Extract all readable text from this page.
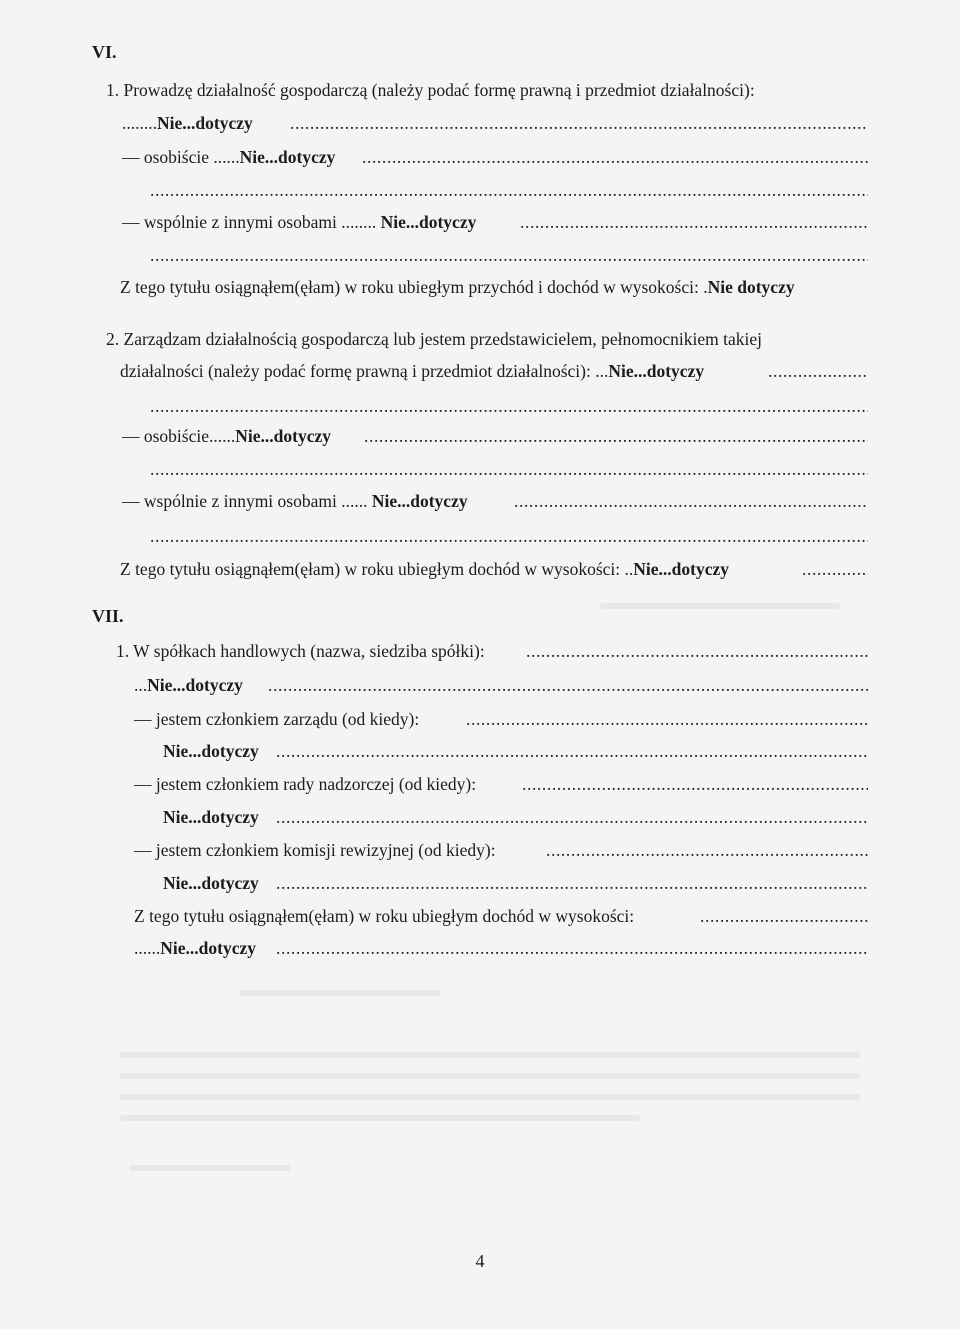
VI.
1. Prowadzę działalność gospodarczą (należy podać formę prawną i przedmiot działalności):
........Nie...dotyczy
.....
— osobiście ......Nie...dotyczy
.....
.....
— wspólnie z innymi osobami ........ Nie...dotyczy
.....
.....
Z tego tytułu osiągnąłem(ęłam) w roku ubiegłym przychód i dochód w wysokości: .Nie dotyczy
2. Zarządzam działalnością gospodarczą lub jestem przedstawicielem, pełnomocnikiem takiej
działalności (należy podać formę prawną i przedmiot działalności): ...Nie...dotyczy
.....
.....
— osobiście......Nie...dotyczy
.....
.....
— wspólnie z innymi osobami ...... Nie...dotyczy
.....
.....
Z tego tytułu osiągnąłem(ęłam) w roku ubiegłym dochód w wysokości: ..Nie...dotyczy
.....
VII.
1. W spółkach handlowych (nazwa, siedziba spółki):
.....
...Nie...dotyczy
.....
— jestem członkiem zarządu (od kiedy):
.....
Nie...dotyczy
.....
— jestem członkiem rady nadzorczej (od kiedy):
.....
Nie...dotyczy
.....
— jestem członkiem komisji rewizyjnej (od kiedy):
.....
Nie...dotyczy
.....
Z tego tytułu osiągnąłem(ęłam) w roku ubiegłym dochód w wysokości:
.....
......Nie...dotyczy
.....
4
